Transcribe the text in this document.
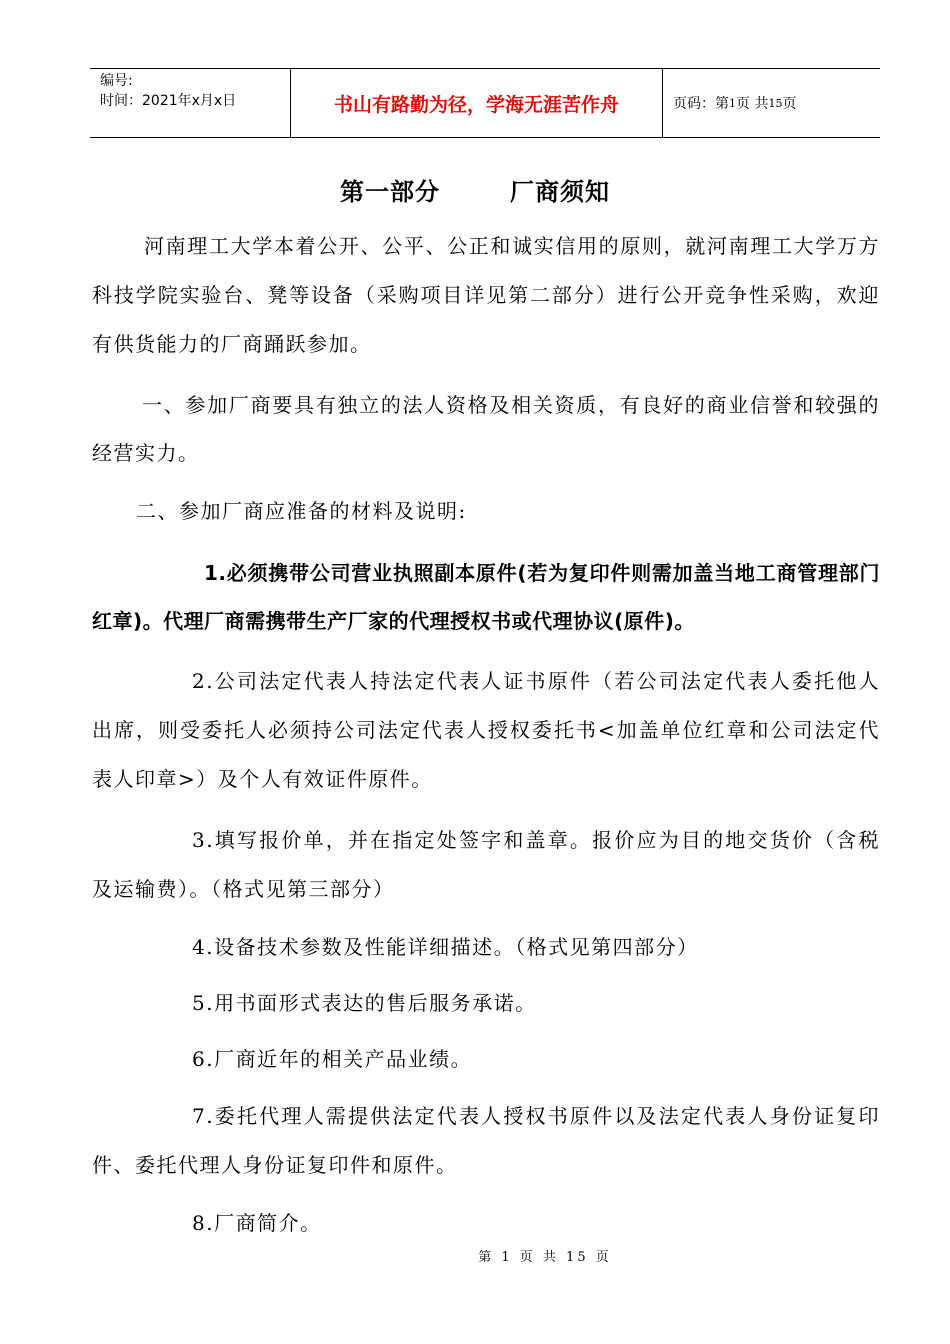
编号:
时间：2021年x月x日	书山有路勤为径，学海无涯苦作舟	页码：第 1 页 共 15 页
第一部分	厂商须知

河南理工大学本着公开、公平、公正和诚实信用的原则，就河南理工大学万方科技学院实验台、凳等设备（采购项目详见第二部分）进行公开竞争性采购，欢迎有供货能力的厂商踊跃参加。

一、参加厂商要具有独立的法人资格及相关资质，有良好的商业信誉和较强的经营实力。

二、参加厂商应准备的材料及说明:

1.必须携带公司营业执照副本原件(若为复印件则需加盖当地工商管理部门红章)。代理厂商需携带生产厂家的代理授权书或代理协议(原件)。

2.公司法定代表人持法定代表人证书原件（若公司法定代表人委托他人出席，则受委托人必须持公司法定代表人授权委托书<加盖单位红章和公司法定代表人印章>）及个人有效证件原件。

3.填写报价单，并在指定处签字和盖章。报价应为目的地交货价（含税及运输费）。（格式见第三部分）

4.设备技术参数及性能详细描述。（格式见第四部分）

5.用书面形式表达的售后服务承诺。

6.厂商近年的相关产品业绩。

7.委托代理人需提供法定代表人授权书原件以及法定代表人身份证复印件、委托代理人身份证复印件和原件。

8.厂商简介。

第 1 页 共 15 页
